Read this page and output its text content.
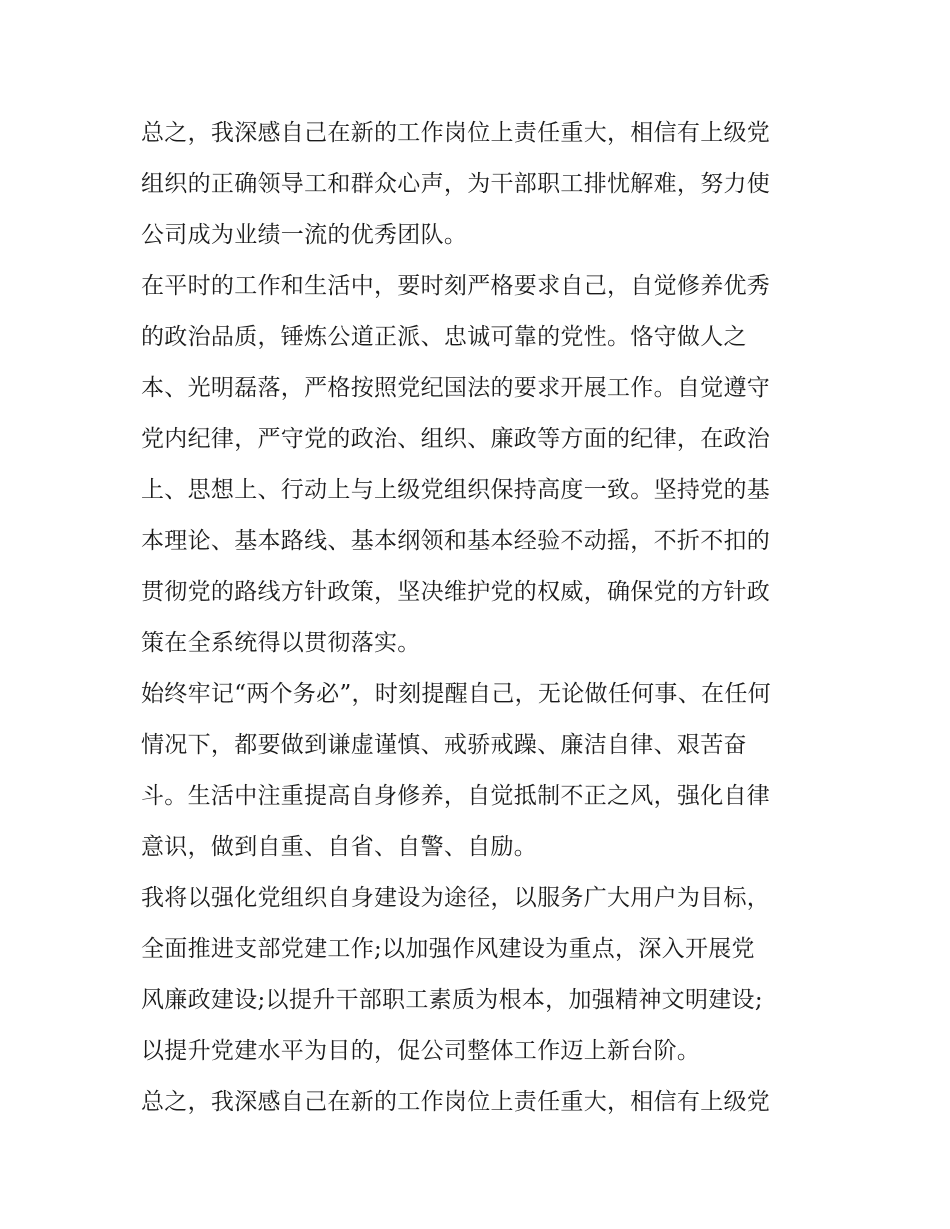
总之，我深感自己在新的工作岗位上责任重大，相信有上级党
组织的正确领导工和群众心声，为干部职工排忧解难，努力使
公司成为业绩一流的优秀团队。

在平时的工作和生活中，要时刻严格要求自己，自觉修养优秀
的政治品质，锤炼公道正派、忠诚可靠的党性。恪守做人之
本、光明磊落，严格按照党纪国法的要求开展工作。自觉遵守
党内纪律，严守党的政治、组织、廉政等方面的纪律，在政治
上、思想上、行动上与上级党组织保持高度一致。坚持党的基
本理论、基本路线、基本纲领和基本经验不动摇，不折不扣的
贯彻党的路线方针政策，坚决维护党的权威，确保党的方针政
策在全系统得以贯彻落实。

始终牢记“两个务必”，时刻提醒自己，无论做任何事、在任何
情况下，都要做到谦虚谨慎、戒骄戒躁、廉洁自律、艰苦奋
斗。生活中注重提高自身修养，自觉抵制不正之风，强化自律
意识，做到自重、自省、自警、自励。

我将以强化党组织自身建设为途径，以服务广大用户为目标，
全面推进支部党建工作;以加强作风建设为重点，深入开展党
风廉政建设;以提升干部职工素质为根本，加强精神文明建设;
以提升党建水平为目的，促公司整体工作迈上新台阶。

总之，我深感自己在新的工作岗位上责任重大，相信有上级党
